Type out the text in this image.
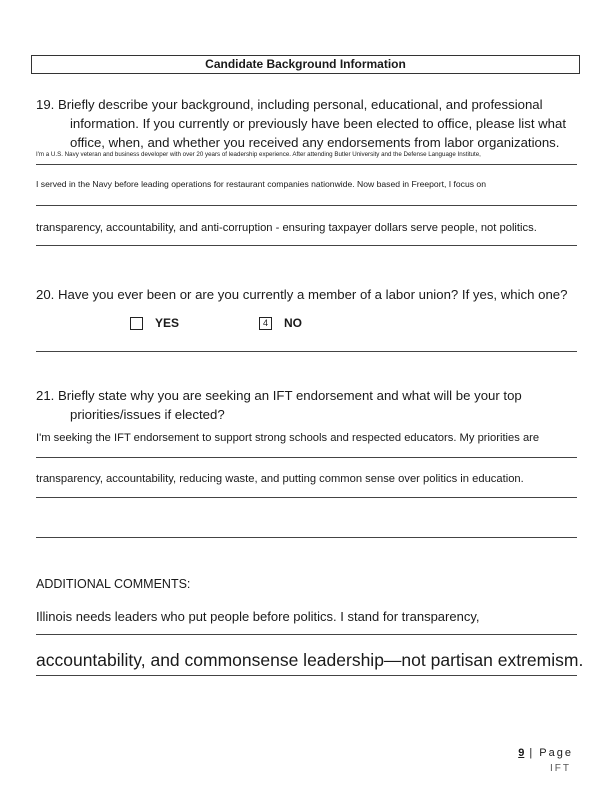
Candidate Background Information
19. Briefly describe your background, including personal, educational, and professional
information. If you currently or previously have been elected to office, please list what
office, when, and whether you received any endorsements from labor organizations.
I'm a U.S. Navy veteran and business developer with over 20 years of leadership experience. After attending Butler University and the Defense Language Institute,
I served in the Navy before leading operations for restaurant companies nationwide. Now based in Freeport, I focus on
transparency, accountability, and anti-corruption - ensuring taxpayer dollars serve people, not politics.
20. Have you ever been or are you currently a member of a labor union? If yes, which one?
YES	4	NO
21. Briefly state why you are seeking an IFT endorsement and what will be your top
priorities/issues if elected?
I'm seeking the IFT endorsement to support strong schools and respected educators. My priorities are
transparency, accountability, reducing waste, and putting common sense over politics in education.
ADDITIONAL COMMENTS:
Illinois needs leaders who put people before politics. I stand for transparency,
accountability, and commonsense leadership—not partisan extremism.
9 | Page
IFT
